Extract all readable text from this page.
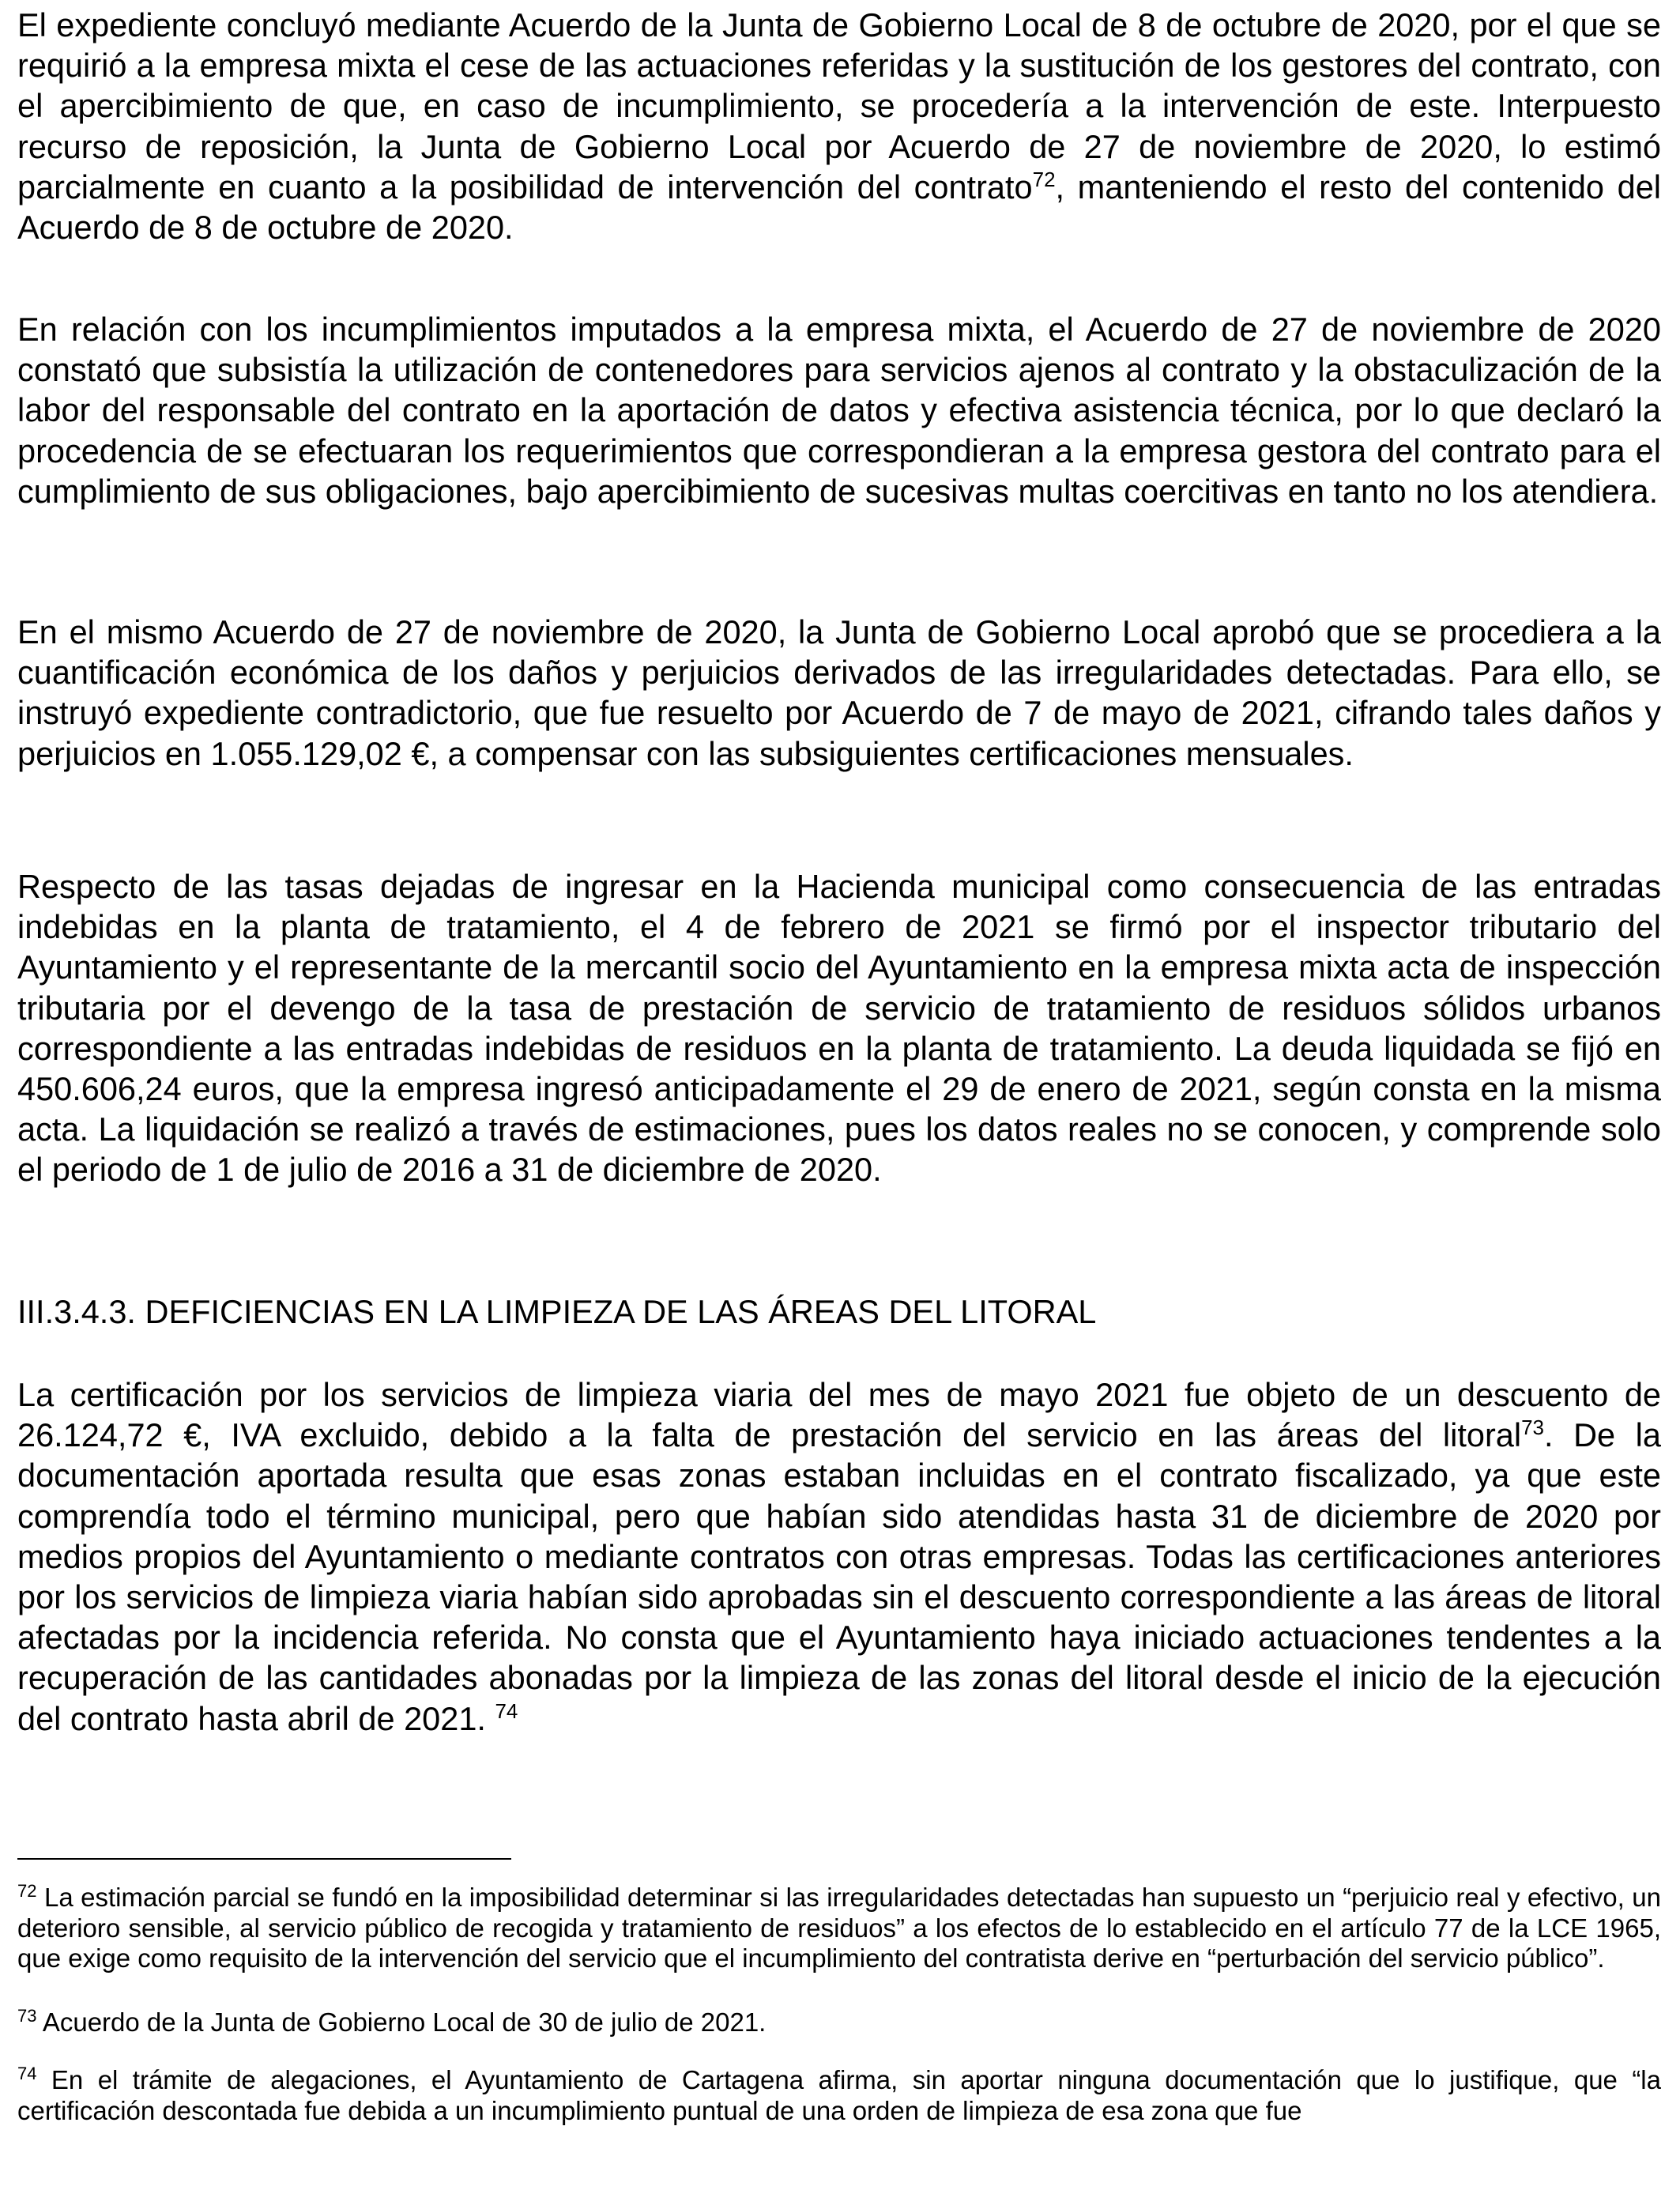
El expediente concluyó mediante Acuerdo de la Junta de Gobierno Local de 8 de octubre de 2020, por el que se requirió a la empresa mixta el cese de las actuaciones referidas y la sustitución de los gestores del contrato, con el apercibimiento de que, en caso de incumplimiento, se procedería a la intervención de este. Interpuesto recurso de reposición, la Junta de Gobierno Local por Acuerdo de 27 de noviembre de 2020, lo estimó parcialmente en cuanto a la posibilidad de intervención del contrato$^{72}$, manteniendo el resto del contenido del Acuerdo de 8 de octubre de 2020.

En relación con los incumplimientos imputados a la empresa mixta, el Acuerdo de 27 de noviembre de 2020 constató que subsistía la utilización de contenedores para servicios ajenos al contrato y la obstaculización de la labor del responsable del contrato en la aportación de datos y efectiva asistencia técnica, por lo que declaró la procedencia de se efectuaran los requerimientos que correspondieran a la empresa gestora del contrato para el cumplimiento de sus obligaciones, bajo apercibimiento de sucesivas multas coercitivas en tanto no los atendiera.

En el mismo Acuerdo de 27 de noviembre de 2020, la Junta de Gobierno Local aprobó que se procediera a la cuantificación económica de los daños y perjuicios derivados de las irregularidades detectadas. Para ello, se instruyó expediente contradictorio, que fue resuelto por Acuerdo de 7 de mayo de 2021, cifrando tales daños y perjuicios en 1.055.129,02 €, a compensar con las subsiguientes certificaciones mensuales.

Respecto de las tasas dejadas de ingresar en la Hacienda municipal como consecuencia de las entradas indebidas en la planta de tratamiento, el 4 de febrero de 2021 se firmó por el inspector tributario del Ayuntamiento y el representante de la mercantil socio del Ayuntamiento en la empresa mixta acta de inspección tributaria por el devengo de la tasa de prestación de servicio de tratamiento de residuos sólidos urbanos correspondiente a las entradas indebidas de residuos en la planta de tratamiento. La deuda liquidada se fijó en 450.606,24 euros, que la empresa ingresó anticipadamente el 29 de enero de 2021, según consta en la misma acta. La liquidación se realizó a través de estimaciones, pues los datos reales no se conocen, y comprende solo el periodo de 1 de julio de 2016 a 31 de diciembre de 2020.

III.3.4.3. DEFICIENCIAS EN LA LIMPIEZA DE LAS ÁREAS DEL LITORAL

La certificación por los servicios de limpieza viaria del mes de mayo 2021 fue objeto de un descuento de 26.124,72 €, IVA excluido, debido a la falta de prestación del servicio en las áreas del litoral$^{73}$. De la documentación aportada resulta que esas zonas estaban incluidas en el contrato fiscalizado, ya que este comprendía todo el término municipal, pero que habían sido atendidas hasta 31 de diciembre de 2020 por medios propios del Ayuntamiento o mediante contratos con otras empresas. Todas las certificaciones anteriores por los servicios de limpieza viaria habían sido aprobadas sin el descuento correspondiente a las áreas de litoral afectadas por la incidencia referida. No consta que el Ayuntamiento haya iniciado actuaciones tendentes a la recuperación de las cantidades abonadas por la limpieza de las zonas del litoral desde el inicio de la ejecución del contrato hasta abril de 2021. $^{74}$

$^{72}$ La estimación parcial se fundó en la imposibilidad determinar si las irregularidades detectadas han supuesto un “perjuicio real y efectivo, un deterioro sensible, al servicio público de recogida y tratamiento de residuos” a los efectos de lo establecido en el artículo 77 de la LCE 1965, que exige como requisito de la intervención del servicio que el incumplimiento del contratista derive en “perturbación del servicio público”.

$^{73}$ Acuerdo de la Junta de Gobierno Local de 30 de julio de 2021.

$^{74}$ En el trámite de alegaciones, el Ayuntamiento de Cartagena afirma, sin aportar ninguna documentación que lo justifique, que “la certificación descontada fue debida a un incumplimiento puntual de una orden de limpieza de esa zona que fue
